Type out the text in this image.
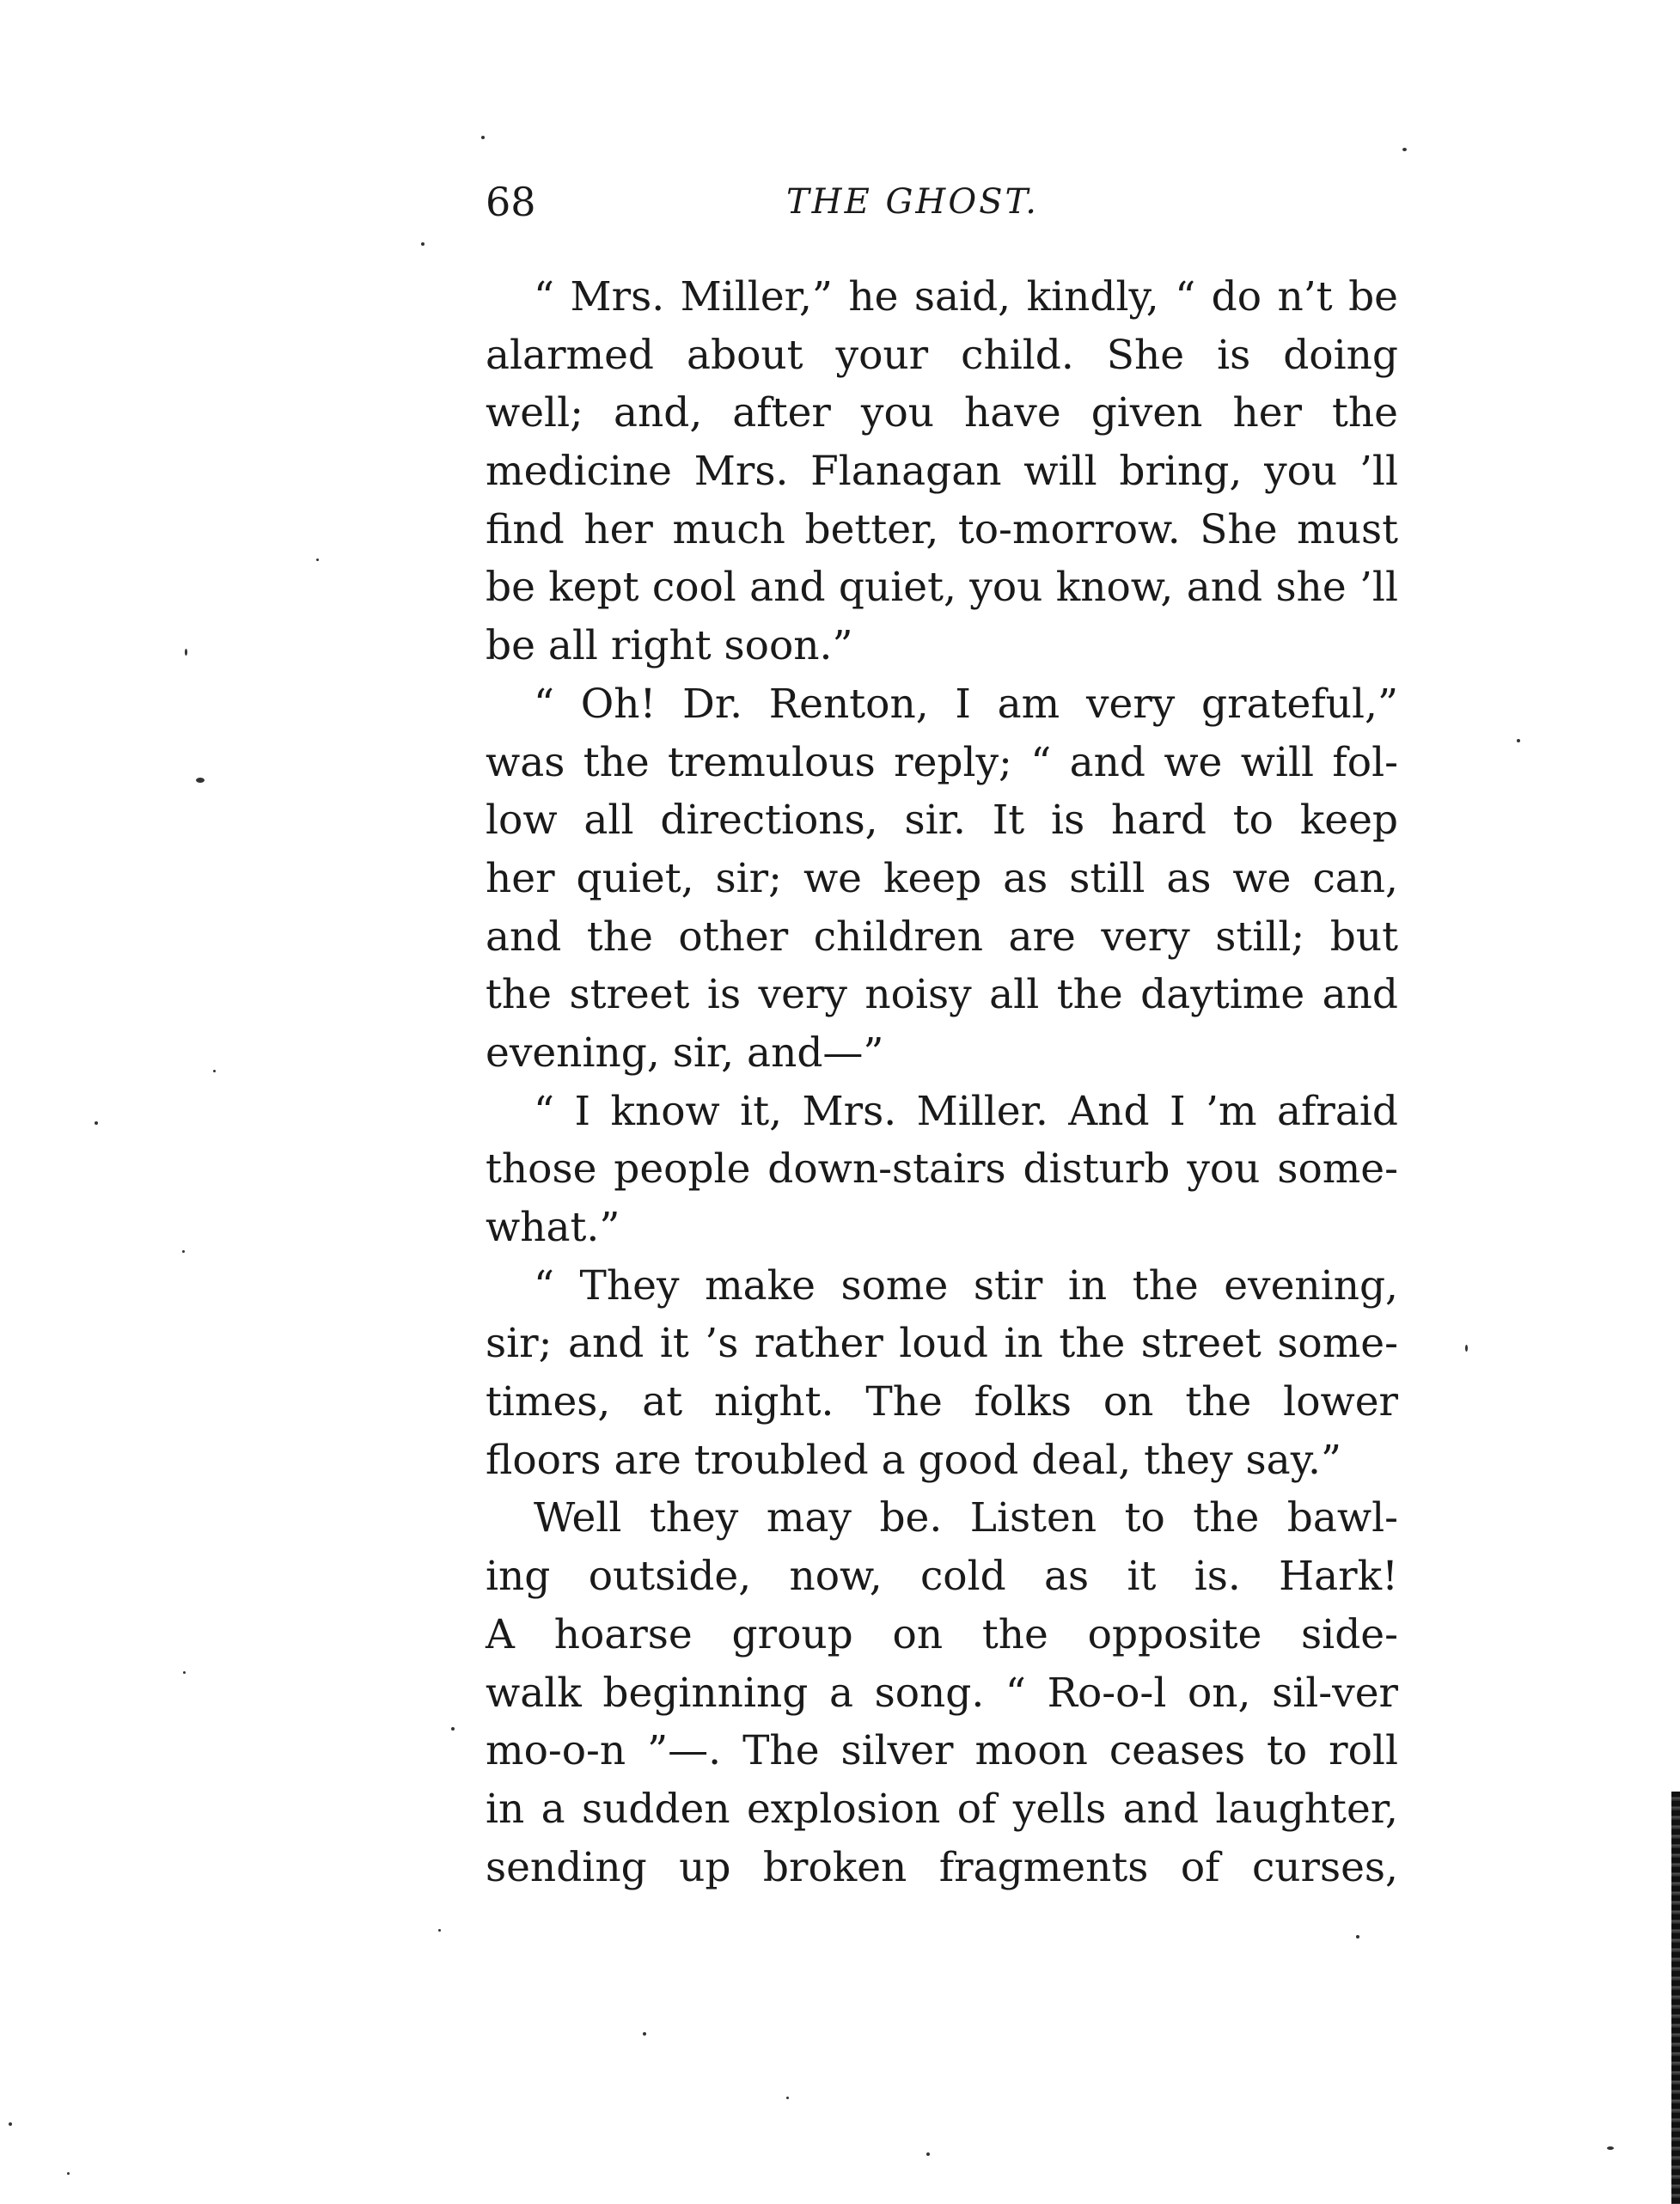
68	THE GHOST.
“ Mrs. Miller,” he said, kindly, “ do n’t be
alarmed about your child. She is doing
well; and, after you have given her the
medicine Mrs. Flanagan will bring, you ’ll
find her much better, to-morrow. She must
be kept cool and quiet, you know, and she ’ll
be all right soon.”
“ Oh! Dr. Renton, I am very grateful,”
was the tremulous reply; “ and we will fol-
low all directions, sir. It is hard to keep
her quiet, sir; we keep as still as we can,
and the other children are very still; but
the street is very noisy all the daytime and
evening, sir, and—”
“ I know it, Mrs. Miller. And I ’m afraid
those people down-stairs disturb you some-
what.”
“ They make some stir in the evening,
sir; and it ’s rather loud in the street some-
times, at night. The folks on the lower
floors are troubled a good deal, they say.”
Well they may be. Listen to the bawl-
ing outside, now, cold as it is. Hark!
A hoarse group on the opposite side-
walk beginning a song. “ Ro-o-l on, sil-ver
mo-o-n ”—. The silver moon ceases to roll
in a sudden explosion of yells and laughter,
sending up broken fragments of curses,
